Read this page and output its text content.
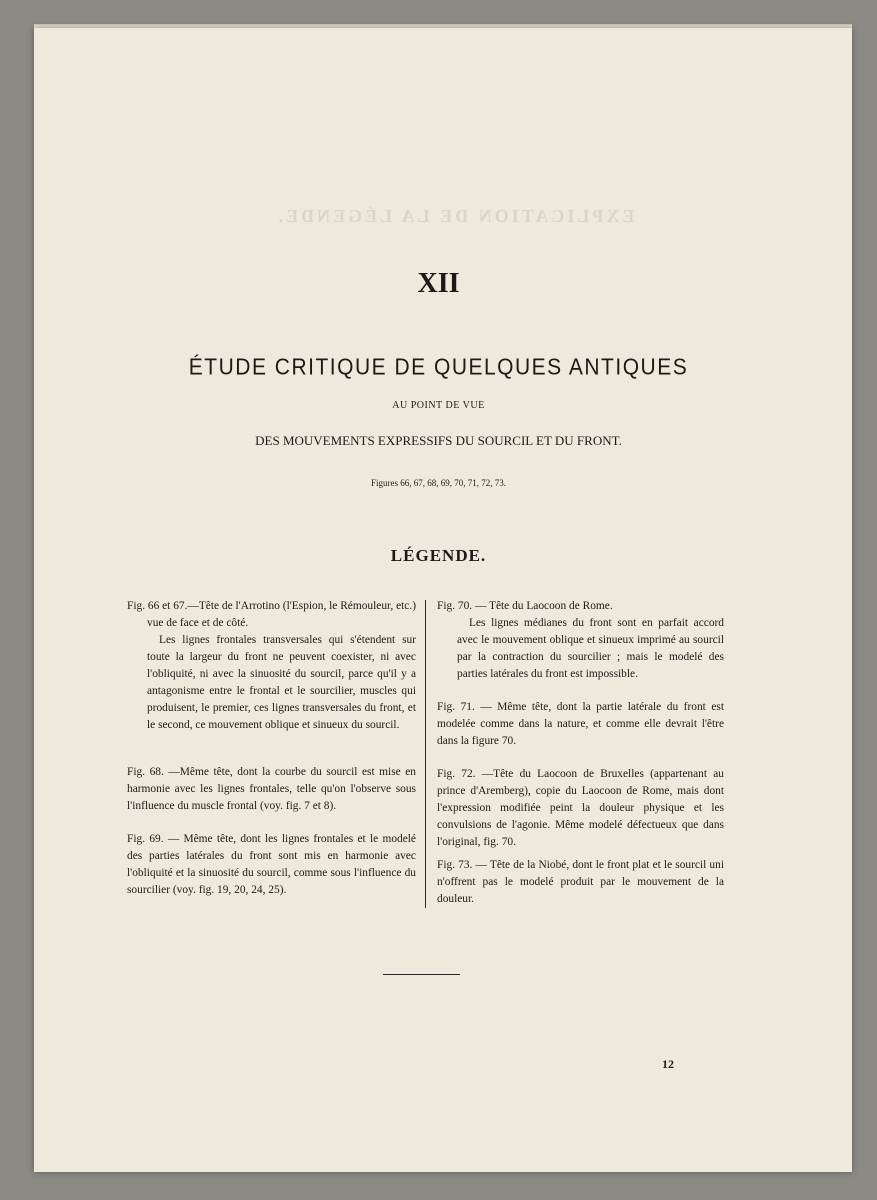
EXPLICATION DE LA LÉGENDE.
XII
ÉTUDE CRITIQUE DE QUELQUES ANTIQUES
AU POINT DE VUE
DES MOUVEMENTS EXPRESSIFS DU SOURCIL ET DU FRONT.
Figures 66, 67, 68, 69, 70, 71, 72, 73.
LÉGENDE.
Fig. 66 et 67.—Tête de l'Arrotino (l'Espion, le Rémouleur, etc.)
vue de face et de côté.
Les lignes frontales transversales qui s'étendent sur toute la largeur du front ne peuvent coexister, ni avec l'obliquité, ni avec la sinuosité du sourcil, parce qu'il y a antagonisme entre le frontal et le sourcilier, muscles qui produisent, le premier, ces lignes transversales du front, et le second, ce mouvement oblique et sinueux du sourcil.
Fig. 68. —Même tête, dont la courbe du sourcil est mise en harmonie avec les lignes frontales, telle qu'on l'observe sous l'influence du muscle frontal (voy. fig. 7 et 8).
Fig. 69. — Même tête, dont les lignes frontales et le modelé des parties latérales du front sont mis en harmonie avec l'obliquité et la sinuosité du sourcil, comme sous l'influence du sourcilier (voy. fig. 19, 20, 24, 25).
Fig. 70. — Tête du Laocoon de Rome.
Les lignes médianes du front sont en parfait accord avec le mouvement oblique et sinueux imprimé au sourcil par la contraction du sourcilier ; mais le modelé des parties latérales du front est impossible.
Fig. 71. — Même tête, dont la partie latérale du front est modelée comme dans la nature, et comme elle devrait l'être dans la figure 70.
Fig. 72. —Tête du Laocoon de Bruxelles (appartenant au prince d'Aremberg), copie du Laocoon de Rome, mais dont l'expression modifiée peint la douleur physique et les convulsions de l'agonie. Même modelé défectueux que dans l'original, fig. 70.
Fig. 73. — Tête de la Niobé, dont le front plat et le sourcil uni n'offrent pas le modelé produit par le mouvement de la douleur.
12
